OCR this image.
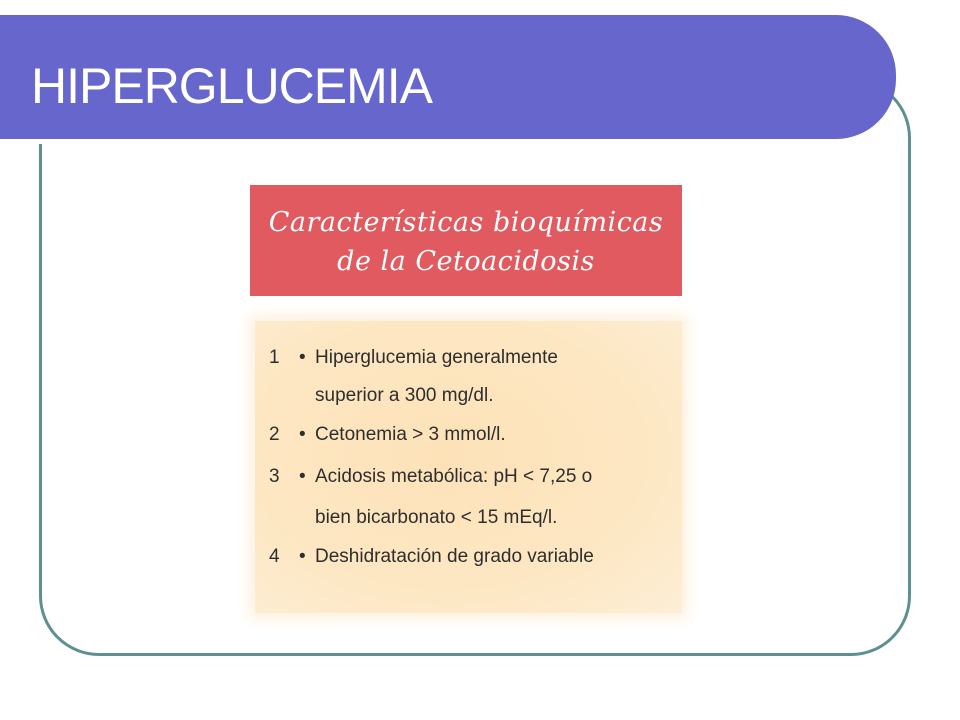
HIPERGLUCEMIA
Características bioquímicas
de la Cetoacidosis
1 • Hiperglucemia generalmente
superior a 300 mg/dl.
2 • Cetonemia > 3 mmol/l.
3 • Acidosis metabólica: pH < 7,25 o
bien bicarbonato < 15 mEq/l.
4 • Deshidratación de grado variable
